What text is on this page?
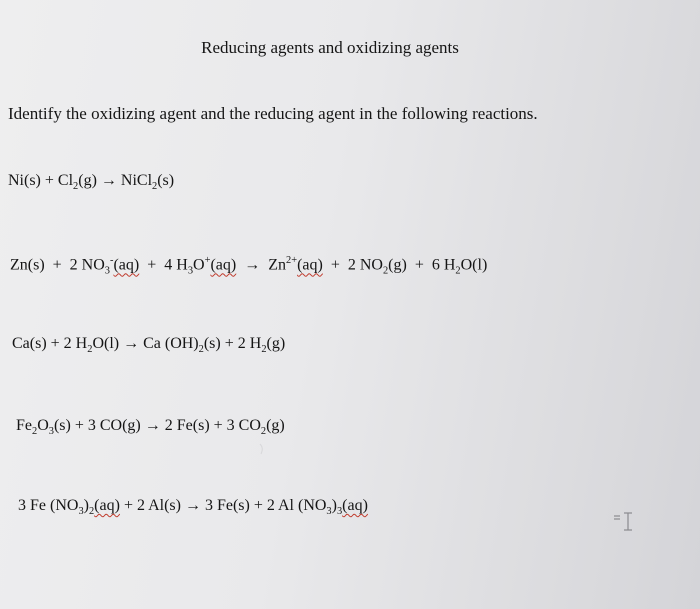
Reducing agents and oxidizing agents
Identify the oxidizing agent and the reducing agent in the following reactions.
$Ni(s) + Cl_2(g)$ → NiCl$_2$(s)
Zn(s)  +  2 $NO_3^-(aq) + 4$ $H_3O^+(aq) \to Zn^{2+}(aq) + 2$ $NO_2(g) + 6$ $H_2O(l)$
Ca(s) + 2 $H_2O(l) \to Ca$ $(OH)_2(s) + 2$ $H_2(g)$
$Fe_2O_3(s) + 3$ CO(g) → 2 Fe(s) + 3 $CO_2(g)$
3 Fe $(NO_3)_2(aq) + 2$ Al(s) → 3 Fe(s) + 2 Al $(NO_3)_3(aq)$
